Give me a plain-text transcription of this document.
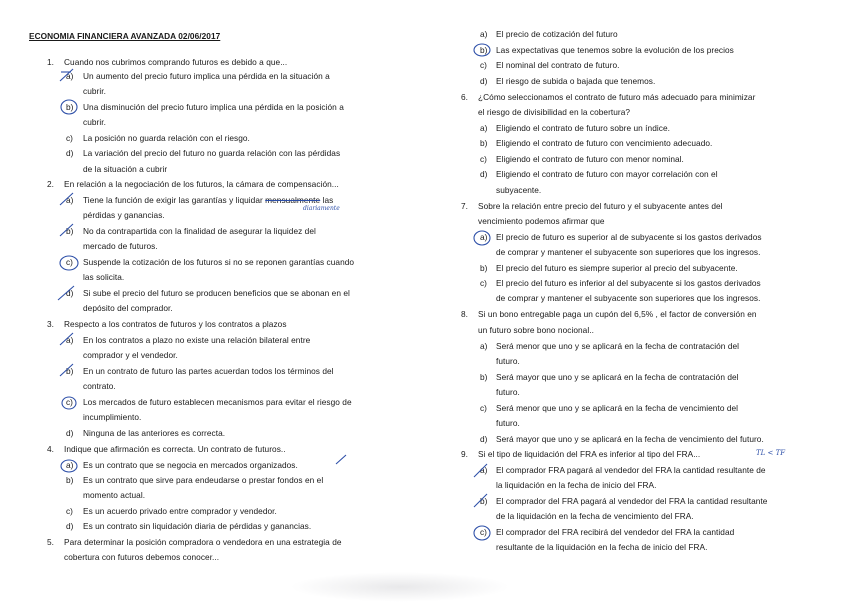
ECONOMIA FINANCIERA AVANZADA 02/06/2017
1. Cuando nos cubrimos comprando futuros es debido a que...
a) Un aumento del precio futuro implica una pérdida en la situación a
cubrir.
b) Una disminución del precio futuro implica una pérdida en la posición a
cubrir.
c) La posición no guarda relación con el riesgo.
d) La variación del precio del futuro no guarda relación con las pérdidas
de la situación a cubrir
2. En relación a la negociación de los futuros, la cámara de compensación...
a) Tiene la función de exigir las garantías y liquidar mensualmente las
diariamente
pérdidas y ganancias.
b) No da contrapartida con la finalidad de asegurar la liquidez del
mercado de futuros.
c) Suspende la cotización de los futuros si no se reponen garantías cuando
las solicita.
d) Si sube el precio del futuro se producen beneficios que se abonan en el
depósito del comprador.
3. Respecto a los contratos de futuros y los contratos a plazos
a) En los contratos a plazo no existe una relación bilateral entre
comprador y el vendedor.
b) En un contrato de futuro las partes acuerdan todos los términos del
contrato.
c) Los mercados de futuro establecen mecanismos para evitar el riesgo de
incumplimiento.
d) Ninguna de las anteriores es correcta.
4. Indique que afirmación es correcta. Un contrato de futuros..
a) Es un contrato que se negocia en mercados organizados.
b) Es un contrato que sirve para endeudarse o prestar fondos en el
momento actual.
c) Es un acuerdo privado entre comprador y vendedor.
d) Es un contrato sin liquidación diaria de pérdidas y ganancias.
5. Para determinar la posición compradora o vendedora en una estrategia de
cobertura con futuros debemos conocer...
a) El precio de cotización del futuro
b) Las expectativas que tenemos sobre la evolución de los precios
c) El nominal del contrato de futuro.
d) El riesgo de subida o bajada que tenemos.
6. ¿Cómo seleccionamos el contrato de futuro más adecuado para minimizar
el riesgo de divisibilidad en la cobertura?
a) Eligiendo el contrato de futuro sobre un índice.
b) Eligiendo el contrato de futuro con vencimiento adecuado.
c) Eligiendo el contrato de futuro con menor nominal.
d) Eligiendo el contrato de futuro con mayor correlación con el
subyacente.
7. Sobre la relación entre precio del futuro y el subyacente antes del
vencimiento podemos afirmar que
a) El precio de futuro es superior al de subyacente si los gastos derivados
de comprar y mantener el subyacente son superiores que los ingresos.
b) El precio del futuro es siempre superior al precio del subyacente.
c) El precio del futuro es inferior al del subyacente si los gastos derivados
de comprar y mantener el subyacente son superiores que los ingresos.
8. Si un bono entregable paga un cupón del 6,5% , el factor de conversión en
un futuro sobre bono nocional..
a) Será menor que uno y se aplicará en la fecha de contratación del
futuro.
b) Será mayor que uno y se aplicará en la fecha de contratación del
futuro.
c) Será menor que uno y se aplicará en la fecha de vencimiento del
futuro.
d) Será mayor que uno y se aplicará en la fecha de vencimiento del futuro.
9. Si el tipo de liquidación del FRA es inferior al tipo del FRA...	TL < TF
a) El comprador FRA pagará al vendedor del FRA la cantidad resultante de
la liquidación en la fecha de inicio del FRA.
b) El comprador del FRA pagará al vendedor del FRA la cantidad resultante
de la liquidación en la fecha de vencimiento del FRA.
c) El comprador del FRA recibirá del vendedor del FRA la cantidad
resultante de la liquidación en la fecha de inicio del FRA.
